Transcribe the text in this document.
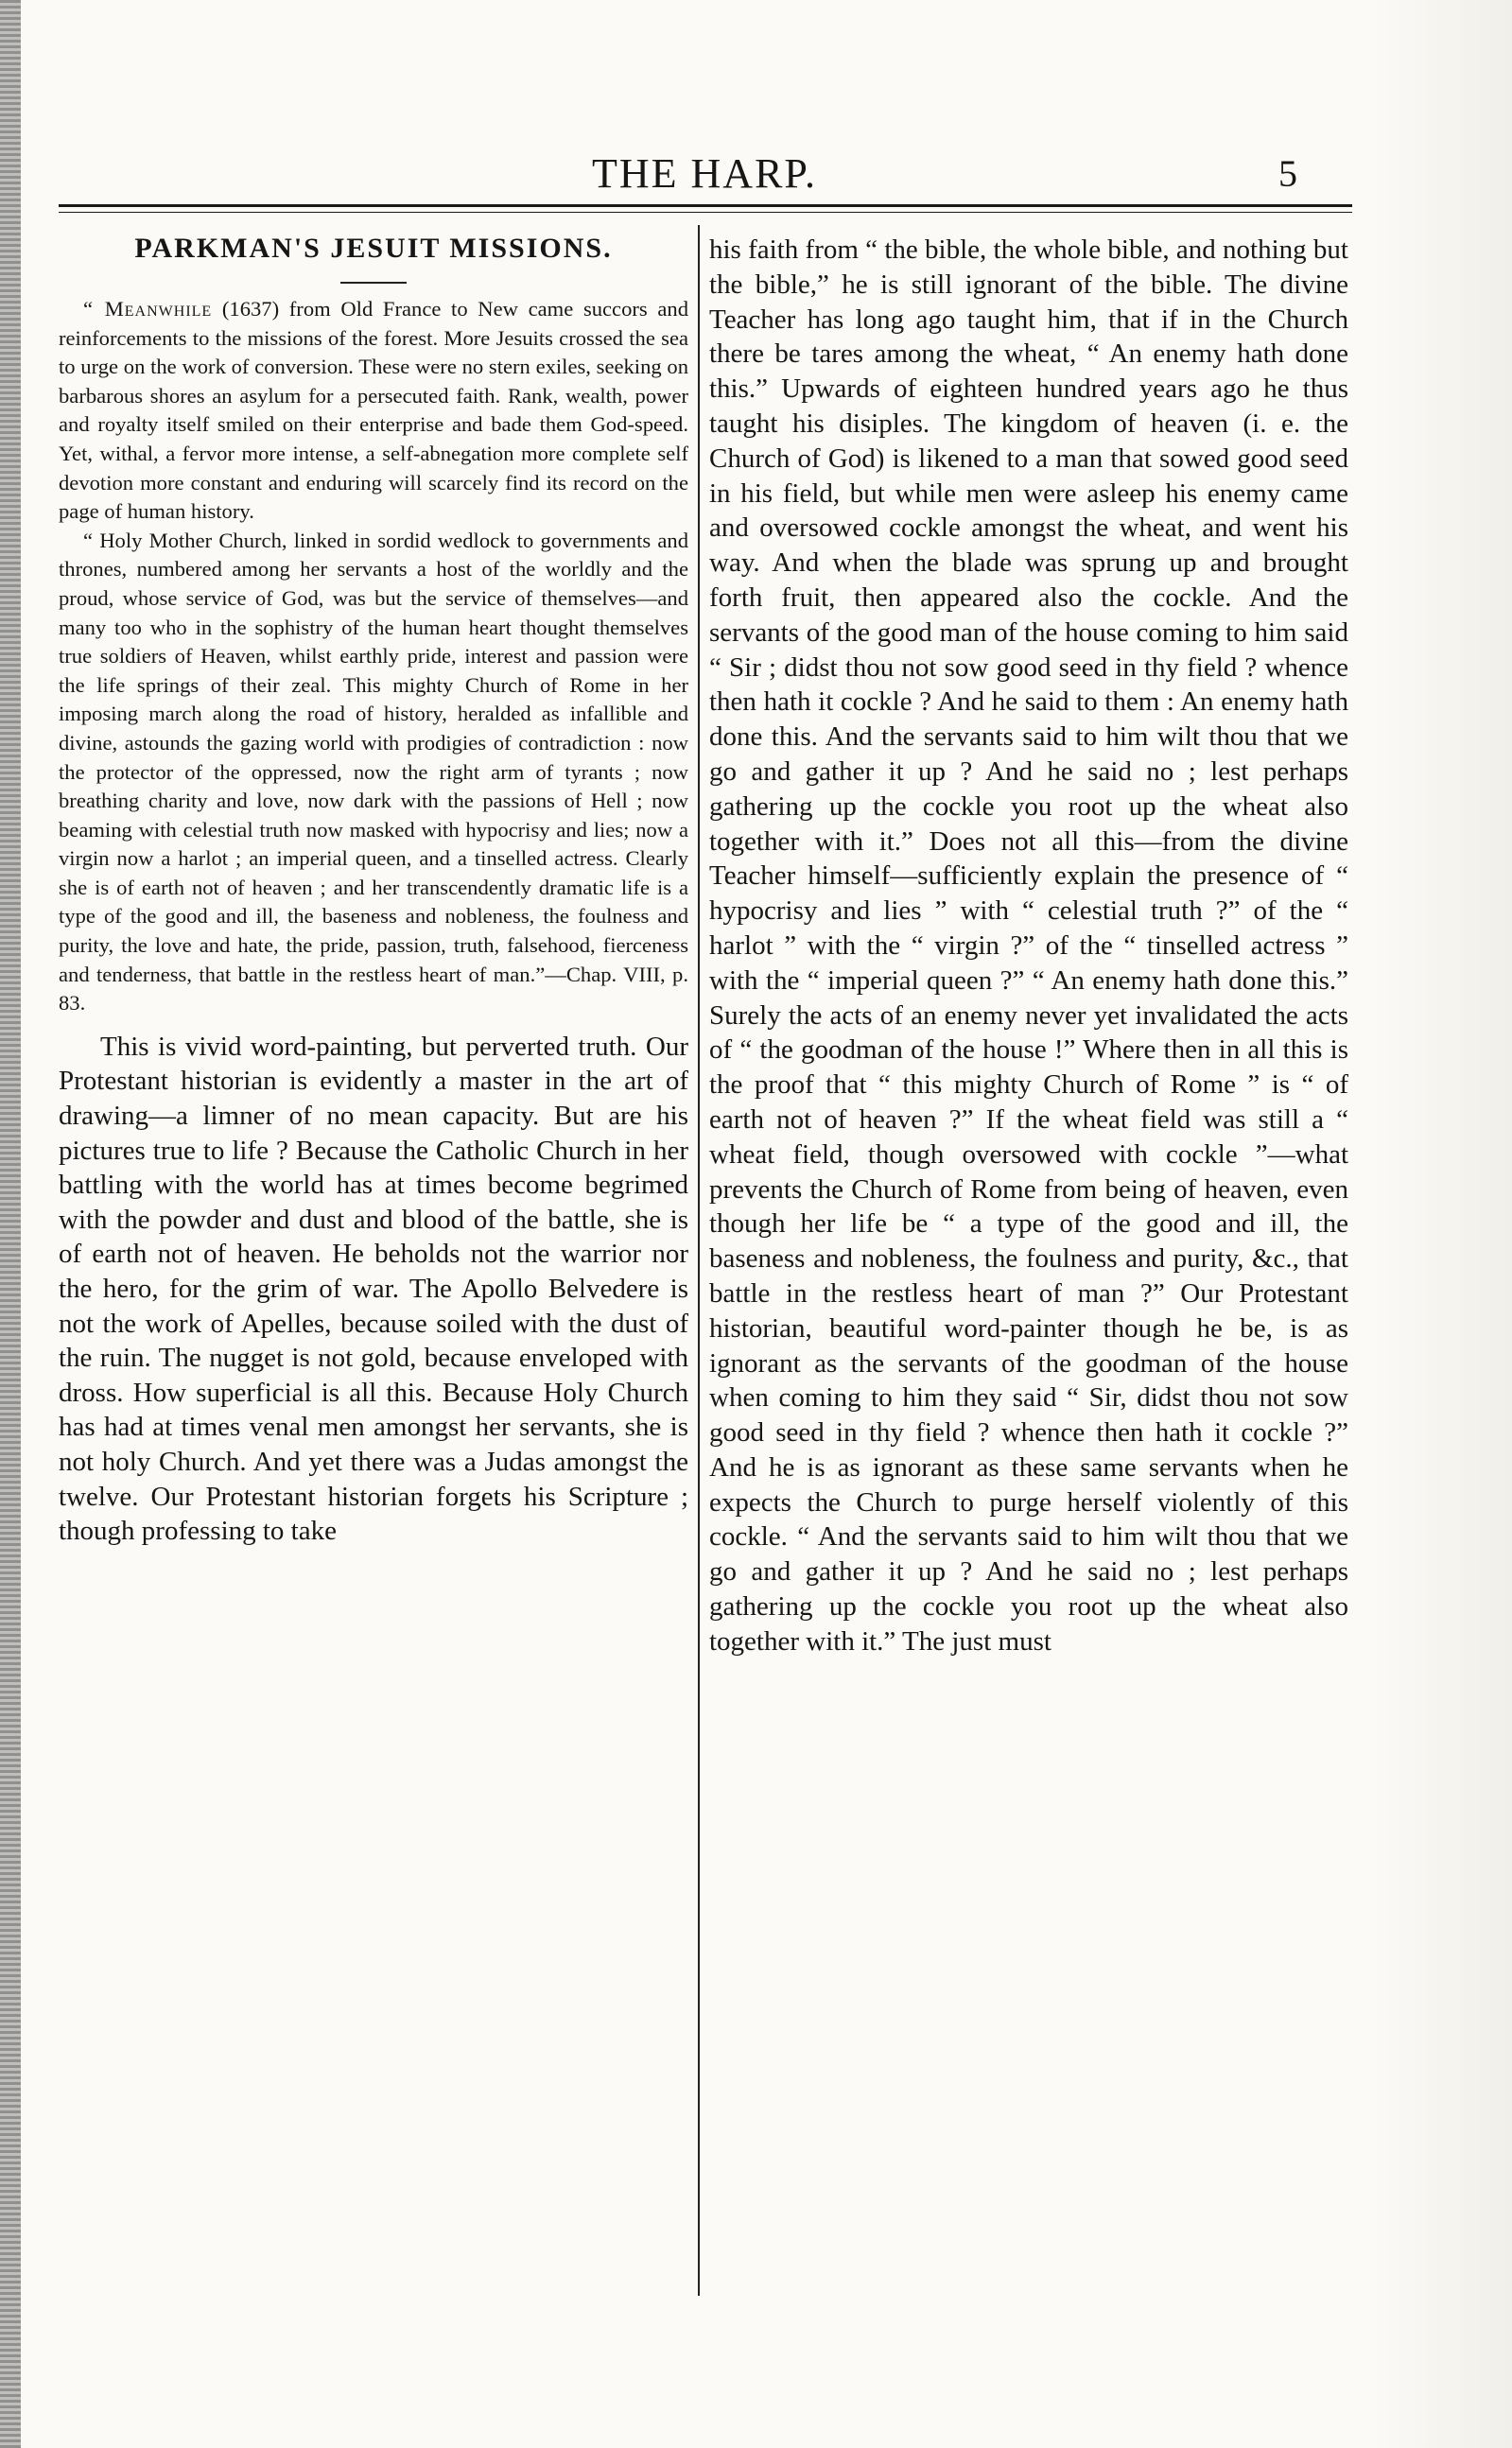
THE HARP.	5
PARKMAN'S JESUIT MISSIONS.

“ Meanwhile (1637) from Old France to New came succors and reinforcements to the missions of the forest. More Jesuits crossed the sea to urge on the work of conversion. These were no stern exiles, seeking on barbarous shores an asylum for a persecuted faith. Rank, wealth, power and royalty itself smiled on their enterprise and bade them God-speed. Yet, withal, a fervor more intense, a self-abnegation more complete self devotion more constant and enduring will scarcely find its record on the page of human history.

“ Holy Mother Church, linked in sordid wedlock to governments and thrones, numbered among her servants a host of the worldly and the proud, whose service of God, was but the service of themselves—and many too who in the sophistry of the human heart thought themselves true soldiers of Heaven, whilst earthly pride, interest and passion were the life springs of their zeal. This mighty Church of Rome in her imposing march along the road of history, heralded as infallible and divine, astounds the gazing world with prodigies of contradiction : now the protector of the oppressed, now the right arm of tyrants ; now breathing charity and love, now dark with the passions of Hell ; now beaming with celestial truth now masked with hypocrisy and lies; now a virgin now a harlot ; an imperial queen, and a tinselled actress. Clearly she is of earth not of heaven ; and her transcendently dramatic life is a type of the good and ill, the baseness and nobleness, the foulness and purity, the love and hate, the pride, passion, truth, falsehood, fierceness and tenderness, that battle in the restless heart of man.”—Chap. VIII, p. 83.

This is vivid word-painting, but perverted truth. Our Protestant historian is evidently a master in the art of drawing—a limner of no mean capacity. But are his pictures true to life ? Because the Catholic Church in her battling with the world has at times become begrimed with the powder and dust and blood of the battle, she is of earth not of heaven. He beholds not the warrior nor the hero, for the grim of war. The Apollo Belvedere is not the work of Apelles, because soiled with the dust of the ruin. The nugget is not gold, because enveloped with dross. How superficial is all this. Because Holy Church has had at times venal men amongst her servants, she is not holy Church. And yet there was a Judas amongst the twelve. Our Protestant historian forgets his Scripture ; though professing to take

his faith from “ the bible, the whole bible, and nothing but the bible,” he is still ignorant of the bible. The divine Teacher has long ago taught him, that if in the Church there be tares among the wheat, “ An enemy hath done this.” Upwards of eighteen hundred years ago he thus taught his disiples. The kingdom of heaven (i. e. the Church of God) is likened to a man that sowed good seed in his field, but while men were asleep his enemy came and oversowed cockle amongst the wheat, and went his way. And when the blade was sprung up and brought forth fruit, then appeared also the cockle. And the servants of the good man of the house coming to him said “ Sir ; didst thou not sow good seed in thy field ? whence then hath it cockle ? And he said to them : An enemy hath done this. And the servants said to him wilt thou that we go and gather it up ? And he said no ; lest perhaps gathering up the cockle you root up the wheat also together with it.” Does not all this—from the divine Teacher himself—sufficiently explain the presence of “ hypocrisy and lies ” with “ celestial truth ?” of the “ harlot ” with the “ virgin ?” of the “ tinselled actress ” with the “ imperial queen ?” “ An enemy hath done this.” Surely the acts of an enemy never yet invalidated the acts of “ the goodman of the house !” Where then in all this is the proof that “ this mighty Church of Rome ” is “ of earth not of heaven ?” If the wheat field was still a “ wheat field, though oversowed with cockle ”—what prevents the Church of Rome from being of heaven, even though her life be “ a type of the good and ill, the baseness and nobleness, the foulness and purity, &c., that battle in the restless heart of man ?” Our Protestant historian, beautiful word-painter though he be, is as ignorant as the servants of the goodman of the house when coming to him they said “ Sir, didst thou not sow good seed in thy field ? whence then hath it cockle ?” And he is as ignorant as these same servants when he expects the Church to purge herself violently of this cockle. “ And the servants said to him wilt thou that we go and gather it up ? And he said no ; lest perhaps gathering up the cockle you root up the wheat also together with it.” The just must
